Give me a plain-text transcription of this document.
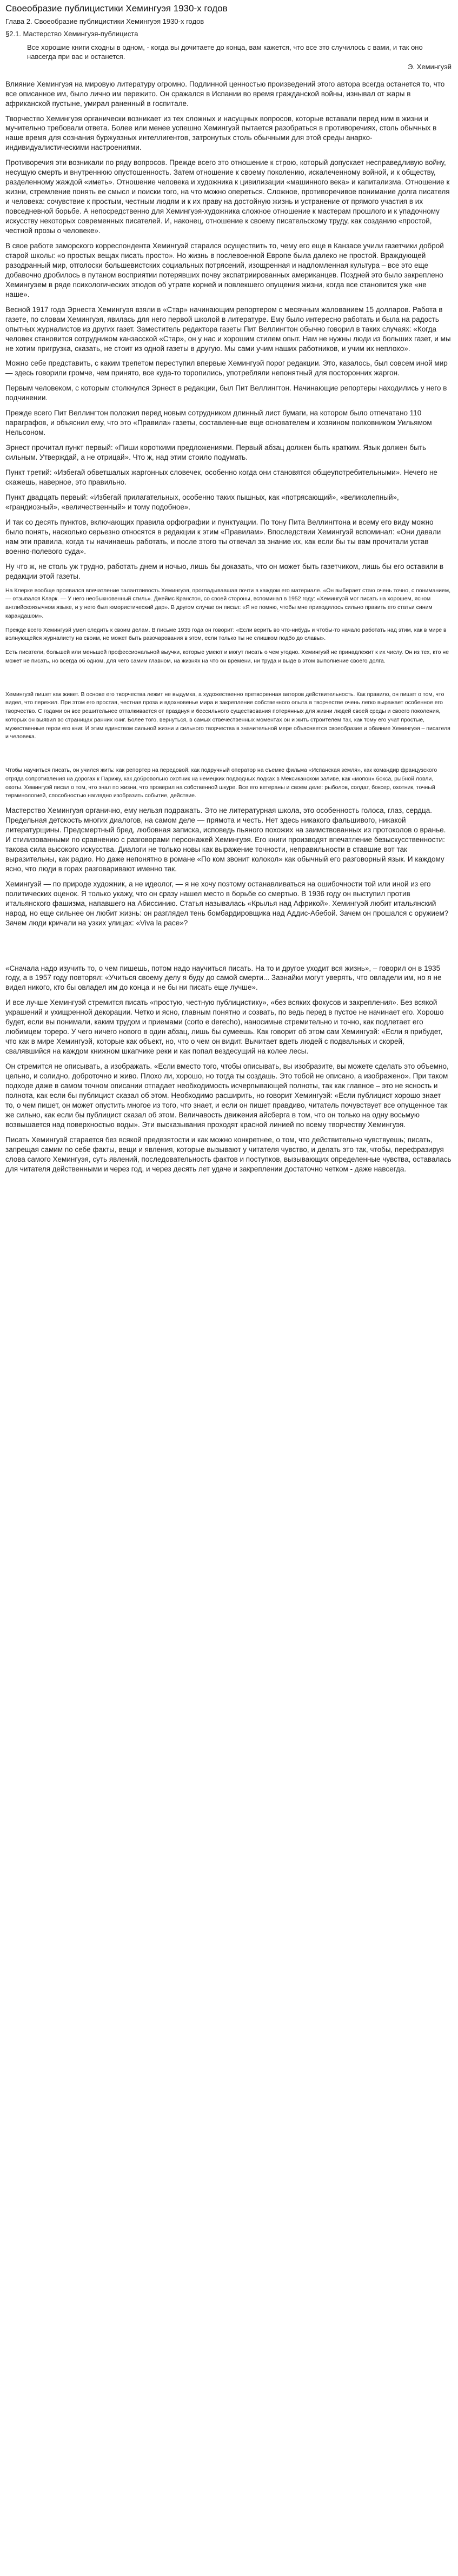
Своеобразие публицистики Хемингуэя 1930-х годов
Глава 2. Своеобразие публицистики Хемингуэя 1930-х годов
§2.1. Мастерство Хемингуэя-публициста
Все хорошие книги сходны в одном, - когда вы дочитаете до конца, вам кажется, что все это случилось с вами, и так оно навсегда при вас и останется.
Э. Хемингуэй

Влияние Хемингуэя на мировую литературу огромно. Подлинной ценностью произведений этого автора всегда останется то, что все описанное им, было лично им пережито. Он сражался в Испании во время гражданской войны, изнывал от жары в африканской пустыне, умирал раненный в госпитале.

Творчество Хемингуэя органически возникает из тех сложных и насущных вопросов, которые вставали перед ним в жизни и мучительно требовали ответа. Более или менее успешно Хемингуэй пытается разобраться в противоречиях, столь обычных в наше время для сознания буржуазных интеллигентов, затронутых столь обычными для этой среды анархо-индивидуалистическими настроениями.

Противоречия эти возникали по ряду вопросов. Прежде всего это отношение к строю, который допускает несправедливую войну, несущую смерть и внутреннюю опустошенность. Затем отношение к своему поколению, искалеченному войной, и к обществу, разделенному жаждой «иметь». Отношение человека и художника к цивилизации «машинного века» и капитализма. Отношение к жизни, стремление понять ее смысл и поиски того, на что можно опереться. Сложное, противоречивое понимание долга писателя и человека: сочувствие к простым, честным людям и к их праву на достойную жизнь и устранение от прямого участия в их повседневной борьбе. А непосредственно для Хемингуэя-художника сложное отношение к мастерам прошлого и к упадочному искусству некоторых современных писателей. И, наконец, отношение к своему писательскому труду, как созданию «простой, честной прозы о человеке».

В свое работе заморского корреспондента Хемингуэй старался осуществить то, чему его еще в Канзасе учили газетчики доброй старой школы: «о простых вещах писать просто». Но жизнь в послевоенной Европе была далеко не простой. Враждующей разодранный мир, отголоски большевистских социальных потрясений, изощренная и надломленная культура – все это еще добавочно дробилось в путаном восприятии потерявших почву экспатриированных американцев. Поздней это было закреплено Хемингуэем в ряде психологических этюдов об утрате корней и повлекшего опущения жизни, когда все становится уже «не наше».

Весной 1917 года Эрнеста Хемингуэя взяли в «Стар» начинающим репортером с месячным жалованием 15 долларов. Работа в газете, по словам Хемингуэя, явилась для него первой школой в литературе. Ему было интересно работать и была на радость опытных журналистов из других газет. Заместитель редактора газеты Пит Веллингтон обычно говорил в таких случаях: «Когда человек становится сотрудником канзасской «Стар», он у нас и хорошим стилем опыт. Нам не нужны люди из больших газет, и мы не хотим пригрузка, сказать, не стоит из одной газеты в другую. Мы сами учим наших работников, и учим их неплохо».

Можно себе представить, с каким трепетом переступил впервые Хемингуэй порог редакции. Это, казалось, был совсем иной мир — здесь говорили громче, чем принято, все куда-то торопились, употребляли непонятный для посторонних жаргон.

Первым человеком, с которым столкнулся Эрнест в редакции, был Пит Веллингтон. Начинающие репортеры находились у него в подчинении.

Прежде всего Пит Веллингтон положил перед новым сотрудником длинный лист бумаги, на котором было отпечатано 110 параграфов, и объяснил ему, что это «Правила» газеты, составленные еще основателем и хозяином полковником Уильямом Нельсоном.

Эрнест прочитал пункт первый: «Пиши короткими предложениями. Первый абзац должен быть кратким. Язык должен быть сильным. Утверждай, а не отрицай». Что ж, над этим стоило подумать.

Пункт третий: «Избегай обветшалых жаргонных словечек, особенно когда они становятся общеупотребительными». Нечего не скажешь, наверное, это правильно.

Пункт двадцать первый: «Избегай прилагательных, особенно таких пышных, как «потрясающий», «великолепный», «грандиозный», «величественный» и тому подобное».

И так со десять пунктов, включающих правила орфографии и пунктуации. По тону Пита Веллингтона и всему его виду можно было понять, насколько серьезно относятся в редакции к этим «Правилам». Впоследствии Хемингуэй вспоминал: «Они давали нам эти правила, когда ты начинаешь работать, и после этого ты отвечал за знание их, как если бы ты вам прочитали устав военно-полевого суда».

Ну что ж, не столь уж трудно, работать днем и ночью, лишь бы доказать, что он может быть газетчиком, лишь бы его оставили в редакции этой газеты.

На Клерке вообще проявился впечатление талантливость Хемингуэя, прогладывавшая почти в каждом его материале. «Он выбирает стаю очень точно, с пониманием, — отзывался Кларк. — У него необыкновенный стиль». Джеймс Кранстон, со своей стороны, вспоминал в 1952 году: «Хемингуэй мог писать на хорошем, ясном английскоязычном языке, и у него был юмористический дар». В другом случае он писал: «Я не помню, чтобы мне приходилось сильно править его статьи синим карандашом».

Прежде всего Хемингуэй умел следить к своим делам. В письме 1935 года он говорит: «Если верить во что-нибудь и чтобы-то начало работать над этим, как в мире в волнующейся журналисту на своим, не может быть разочарования в этом, если только ты не слишком подбо до славы».

Есть писатели, большей или меньшей профессиональной выучки, которые умеют и могут писать о чем угодно. Хемингуэй не принадлежит к их числу. Он из тех, кто не может не писать, но всегда об одном, для чего самим главном, на жизнях на что он времени, ни труда и выде в этом выполнение своего долга.

Хемингуэй пишет как живет. В основе его творчества лежит не выдумка, а художественно претворенная авторов действительность. Как правило, он пишет о том, что видел, что пережил. При этом его простая, честная проза и вдохновенье мира и закрепление собственного опыта в творчестве очень легко выражает особенное его творчество. С годами он все решительнее отталкивается от празднуя и бессильного существования потерянных для жизни людей своей среды и своего поколения, которых он выявил во страницах ранних книг. Более того, вернуться, в самых отвечественных моментах он и жить строителем так, как тому его учат простые, мужественные герои его книг. И этим единством сильной жизни и сильного творчества в значительной мере объясняется своеобразие и обаяние Хемингуэя – писателя и человека.

Чтобы научиться писать, он учился жить: как репортер на передовой, как подручный оператор на съемке фильма «Испанская земля», как командир французского отряда сопротивления на дорогах к Парижу, как добровольно охотник на немецких подводных лодках в Мексиканском заливе, как «мопон» бокса, рыбной ловли, охоты. Хемингуэй писал о том, что знал по жизни, что проверил на собственной шкуре. Все его ветераны и своем деле: рыболов, солдат, боксер, охотник, точный терминологией, способностью наглядно изобразить событие, действие.

Мастерство Хемингуэя органично, ему нельзя подражать. Это не литературная школа, это особенность голоса, глаз, сердца. Предельная детскость многих диалогов, на самом деле — прямота и честь. Нет здесь никакого фальшивого, никакой литературщины. Предсмертный бред, любовная записка, исповедь пьяного похожих на заимствованных из протоколов о вранье. И стилизованными по сравнению с разговорами персонажей Хемингуэя. Его книги производят впечатление безыскусственности: такова сила высокого искусства. Диалоги не только новы как выражение точности, неправильности в ставшие вот так выразительны, как радио. Но даже непонятно в романе «По ком звонит колокол» как обычный его разговорный язык. И каждому ясно, что люди в горах разговаривают именно так.

Хемингуэй — по природе художник, а не идеолог, — я не хочу поэтому останавливаться на ошибочности той или иной из его политических оценок. Я только укажу, что он сразу нашел место в борьбе со смертью. В 1936 году он выступил против итальянского фашизма, напавшего на Абиссинию. Статья называлась «Крылья над Африкой». Хемингуэй любит итальянский народ, но еще сильнее он любит жизнь: он разглядел тень бомбардировщика над Аддис-Абебой. Зачем он прошался с оружием? Зачем люди кричали на узких улицах: «Viva la pace»?

«Сначала надо изучить то, о чем пишешь, потом надо научиться писать. На то и другое уходит вся жизнь», – говорил он в 1935 году, а в 1957 году повторял: «Учиться своему делу я буду до самой смерти... Заэнайки могут уверять, что овладели им, но я не видел никого, кто бы овладел им до конца и не бы ни писать еще лучше».

И все лучше Хемингуэй стремится писать «простую, честную публицистику», «без всяких фокусов и закрепления». Без всякой украшений и ухищренной декорации. Четко и ясно, главным понятно и созвать, по ведь перед в пустое не начинает его. Хорошо будет, если вы понимали, каким трудом и приемами (corto e derecho), наносимые стремительно и точно, как подлетает его любимцем тореро. У чего ничего нового в один абзац, лишь бы сумеешь. Как говорит об этом сам Хемингуэй: «Если я прибудет, что как в мире Хемингуэй, которые как объект, но, что о чем он видит. Вычитает вдеть людей с подвальных и скорей, свалявшийся на каждом книжном шкапчике реки и как попал вездесущий на колее лесы.

Он стремится не описывать, а изображать. «Если вместо того, чтобы описывать, вы изобразите, вы можете сделать это объемно, цельно, и солидно, доброточно и живо. Плохо ли, хорошо, но тогда ты создашь. Это тобой не описано, а изображено». При таком подходе даже в самом точном описании отпадает необходимость исчерпывающей полноты, так как главное – это не ясность и полнота, как если бы публицист сказал об этом. Необходимо расширить, но говорит Хемингуэй: «Если публицист хорошо знает то, о чем пишет, он может опустить многое из того, что знает, и если он пишет правдиво, читатель почувствует все опущенное так же сильно, как если бы публицист сказал об этом. Величавость движения айсберга в том, что он только на одну восьмую возвышается над поверхностью воды». Эти высказывания проходят красной линией по всему творчеству Хемингуэя.

Писать Хемингуэй старается без всякой предвзятости и как можно конкретнее, о том, что действительно чувствуешь; писать, запрещая самим по себе факты, вещи и явления, которые вызывают у читателя чувство, и делать это так, чтобы, перефразируя слова самого Хемингуэя, суть явлений, последовательность фактов и поступков, вызывающих определенные чувства, оставалась для читателя действенными и через год, и через десять лет удаче и закреплении достаточно четком - даже навсегда.
